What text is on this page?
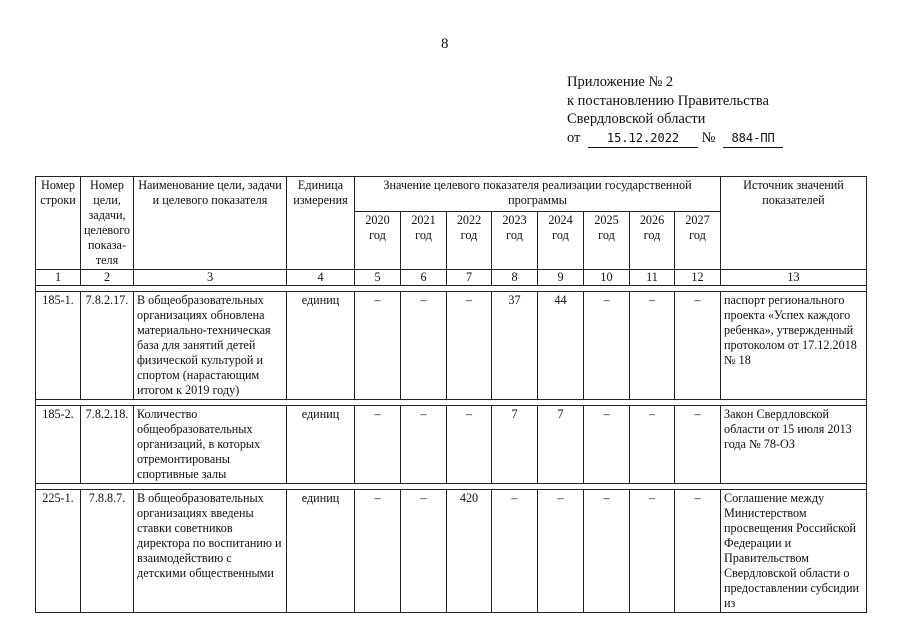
8
Приложение № 2
к постановлению Правительства
Свердловской области
от 15.12.2022 № 884-ПП
Номер строки	Номер цели, задачи, целевого показа-теля	Наименование цели, задачи и целевого показателя	Единица измерения	Значение целевого показателя реализации государственной программы								Источник значений показателей
				2020 год	2021 год	2022 год	2023 год	2024 год	2025 год	2026 год	2027 год	
1	2	3	4	5	6	7	8	9	10	11	12	13

185-1.	7.8.2.17.	В общеобразовательных организациях обновлена материально-техническая база для занятий детей физической культурой и спортом (нарастающим итогом к 2019 году)	единиц	–	–	–	37	44	–	–	–	паспорт регионального проекта «Успех каждого ребенка», утвержденный протоколом от 17.12.2018 № 18

185-2.	7.8.2.18.	Количество общеобразовательных организаций, в которых отремонтированы спортивные залы	единиц	–	–	–	7	7	–	–	–	Закон Свердловской области от 15 июля 2013 года № 78-ОЗ

225-1.	7.8.8.7.	В общеобразовательных организациях введены ставки советников директора по воспитанию и взаимодействию с детскими общественными	единиц	–	–	420	–	–	–	–	–	Соглашение между Министерством просвещения Российской Федерации и Правительством Свердловской области о предоставлении субсидии из
